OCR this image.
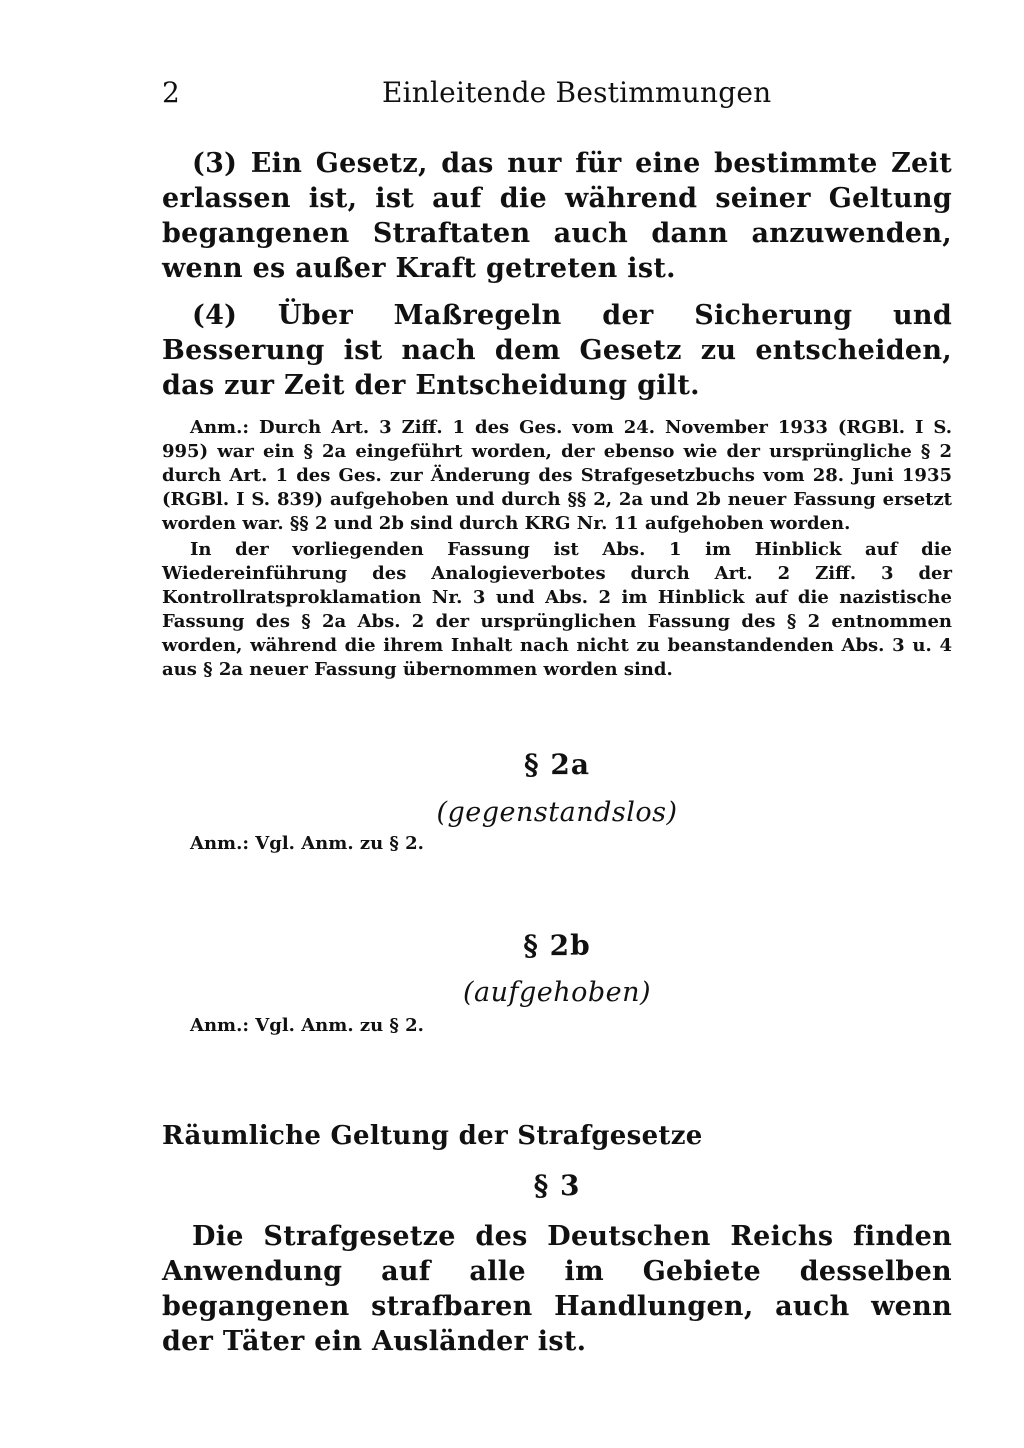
2	Einleitende Bestimmungen
(3) Ein Gesetz, das nur für eine bestimmte Zeit erlassen ist, ist auf die während seiner Geltung begangenen Straftaten auch dann anzuwenden, wenn es außer Kraft getreten ist.
(4) Über Maßregeln der Sicherung und Besserung ist nach dem Gesetz zu entscheiden, das zur Zeit der Entscheidung gilt.
Anm.: Durch Art. 3 Ziff. 1 des Ges. vom 24. November 1933 (RGBl. I S. 995) war ein § 2a eingeführt worden, der ebenso wie der ursprüngliche § 2 durch Art. 1 des Ges. zur Änderung des Strafgesetzbuchs vom 28. Juni 1935 (RGBl. I S. 839) aufgehoben und durch §§ 2, 2a und 2b neuer Fassung ersetzt worden war. §§ 2 und 2b sind durch KRG Nr. 11 aufgehoben worden.
In der vorliegenden Fassung ist Abs. 1 im Hinblick auf die Wiedereinführung des Analogieverbotes durch Art. 2 Ziff. 3 der Kontrollratsproklamation Nr. 3 und Abs. 2 im Hinblick auf die nazistische Fassung des § 2a Abs. 2 der ursprünglichen Fassung des § 2 entnommen worden, während die ihrem Inhalt nach nicht zu beanstandenden Abs. 3 u. 4 aus § 2a neuer Fassung übernommen worden sind.
§ 2a
(gegenstandslos)
Anm.: Vgl. Anm. zu § 2.
§ 2b
(aufgehoben)
Anm.: Vgl. Anm. zu § 2.
Räumliche Geltung der Strafgesetze
§ 3
Die Strafgesetze des Deutschen Reichs finden Anwendung auf alle im Gebiete desselben begangenen strafbaren Handlungen, auch wenn der Täter ein Ausländer ist.
